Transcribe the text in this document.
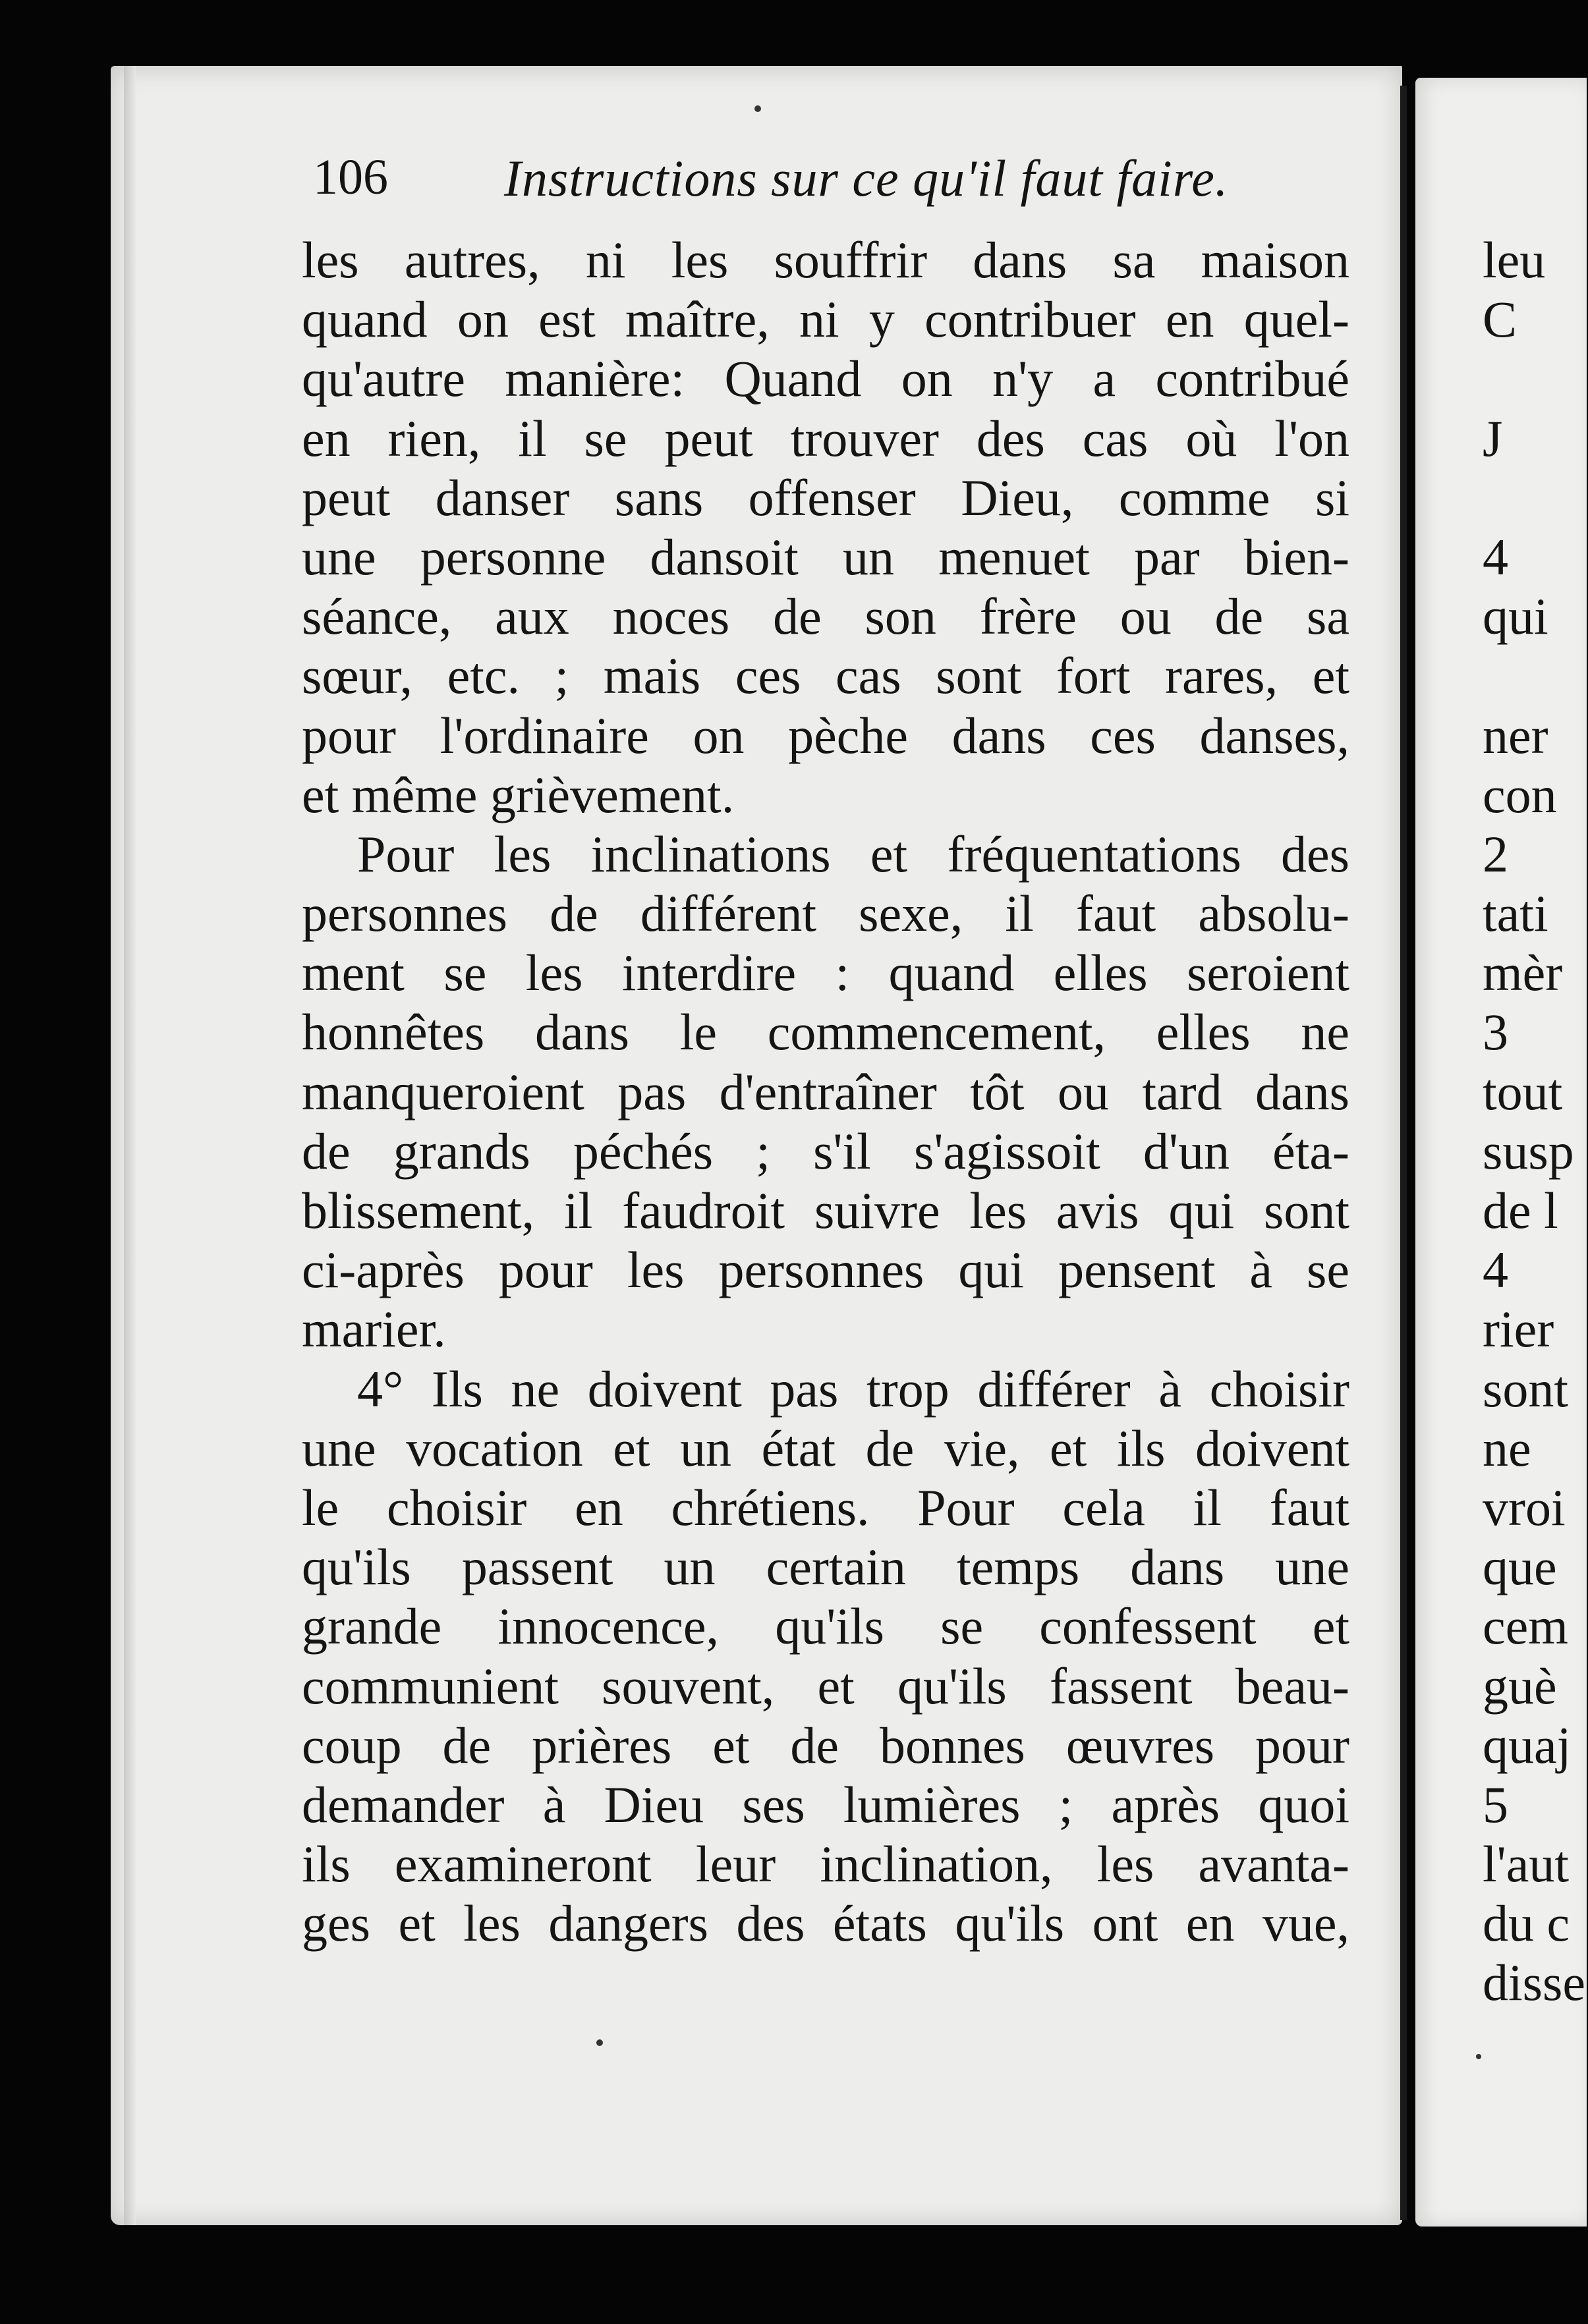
106 Instructions sur ce qu'il faut faire.
les autres, ni les souffrir dans sa maison
quand on est maître, ni y contribuer en quel-
qu'autre manière: Quand on n'y a contribué
en rien, il se peut trouver des cas où l'on
peut danser sans offenser Dieu, comme si
une personne dansoit un menuet par bien-
séance, aux noces de son frère ou de sa
sœur, etc. ; mais ces cas sont fort rares, et
pour l'ordinaire on pèche dans ces danses,
et même grièvement.
Pour les inclinations et fréquentations des
personnes de différent sexe, il faut absolu-
ment se les interdire : quand elles seroient
honnêtes dans le commencement, elles ne
manqueroient pas d'entraîner tôt ou tard dans
de grands péchés ; s'il s'agissoit d'un éta-
blissement, il faudroit suivre les avis qui sont
ci-après pour les personnes qui pensent à se
marier.
4° Ils ne doivent pas trop différer à choisir
une vocation et un état de vie, et ils doivent
le choisir en chrétiens. Pour cela il faut
qu'ils passent un certain temps dans une
grande innocence, qu'ils se confessent et
communient souvent, et qu'ils fassent beau-
coup de prières et de bonnes œuvres pour
demander à Dieu ses lumières ; après quoi
ils examineront leur inclination, les avanta-
ges et les dangers des états qu'ils ont en vue,
leu
C
J
4
qui
ner
con
2
tati
mèr
3
tout
susp
de l
4
rier
sont
ne
vroi
que
cem
guè
quaj
5
l'aut
du c
disse
